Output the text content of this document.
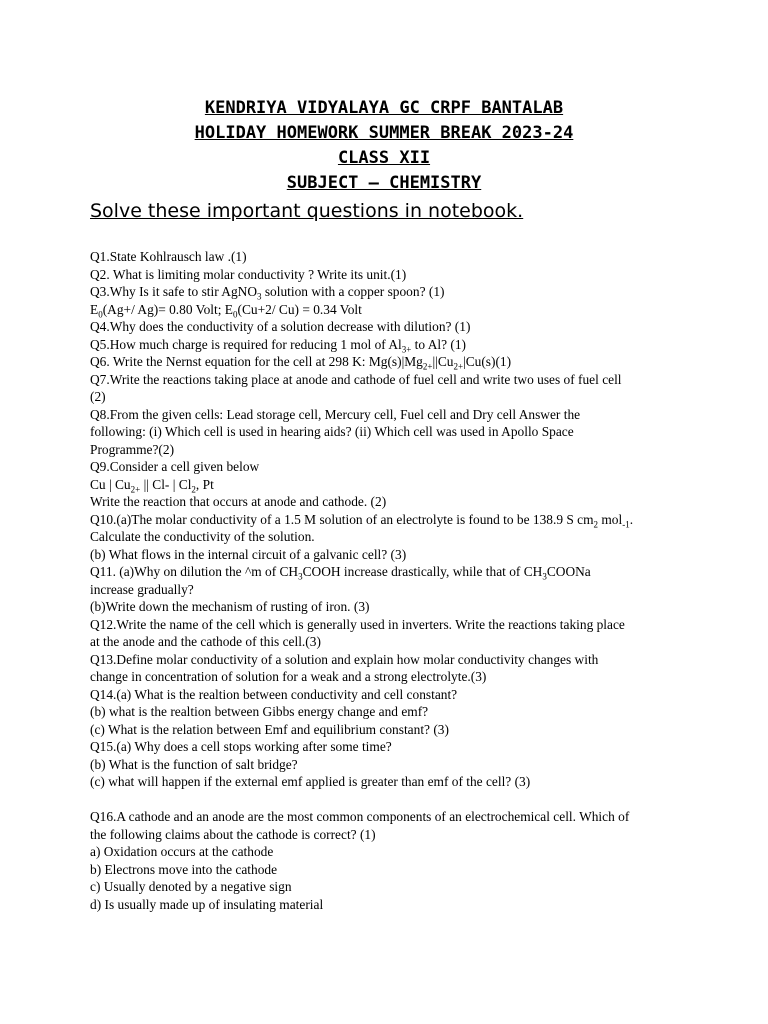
KENDRIYA VIDYALAYA GC CRPF BANTALAB
HOLIDAY HOMEWORK SUMMER BREAK 2023-24
CLASS XII
SUBJECT – CHEMISTRY
Solve these important questions in notebook.
Q1.State Kohlrausch law .(1)
Q2. What is limiting molar conductivity ? Write its unit.(1)
Q3.Why Is it safe to stir AgNO$_3$ solution with a copper spoon? (1)
$E_0(Ag+/$ Ag)= 0.80 Volt; $E_0(Cu+2/$ Cu) = 0.34 Volt
Q4.Why does the conductivity of a solution decrease with dilution? (1)
Q5.How much charge is required for reducing 1 mol of $Al_{3+}$ to Al? (1)
Q6. Write the Nernst equation for the cell at 298 K: $Mg(s)|Mg_{2+}||Cu_{2+}|Cu(s)(1)$
Q7.Write the reactions taking place at anode and cathode of fuel cell and write two uses of fuel cell
(2)
Q8.From the given cells: Lead storage cell, Mercury cell, Fuel cell and Dry cell Answer the
following: (i) Which cell is used in hearing aids? (ii) Which cell was used in Apollo Space
Programme?(2)
Q9.Consider a cell given below
Cu | $Cu_{2+}$ || Cl- | $Cl_2$, Pt
Write the reaction that occurs at anode and cathode. (2)
Q10.(a)The molar conductivity of a 1.5 M solution of an electrolyte is found to be 138.9 S $cm_2$ mol$_{-1}$.
Calculate the conductivity of the solution.
(b) What flows in the internal circuit of a galvanic cell? (3)
Q11. (a)Why on dilution the ^m of $CH_3COOH$ increase drastically, while that of $CH_3COONa$
increase gradually?
(b)Write down the mechanism of rusting of iron. (3)
Q12.Write the name of the cell which is generally used in inverters. Write the reactions taking place
at the anode and the cathode of this cell.(3)
Q13.Define molar conductivity of a solution and explain how molar conductivity changes with
change in concentration of solution for a weak and a strong electrolyte.(3)
Q14.(a) What is the realtion between conductivity and cell constant?
(b) what is the realtion between Gibbs energy change and emf?
(c) What is the relation between Emf and equilibrium constant? (3)
Q15.(a) Why does a cell stops working after some time?
(b) What is the function of salt bridge?
(c) what will happen if the external emf applied is greater than emf of the cell? (3)
Q16.A cathode and an anode are the most common components of an electrochemical cell. Which of
the following claims about the cathode is correct? (1)
a) Oxidation occurs at the cathode
b) Electrons move into the cathode
c) Usually denoted by a negative sign
d) Is usually made up of insulating material
